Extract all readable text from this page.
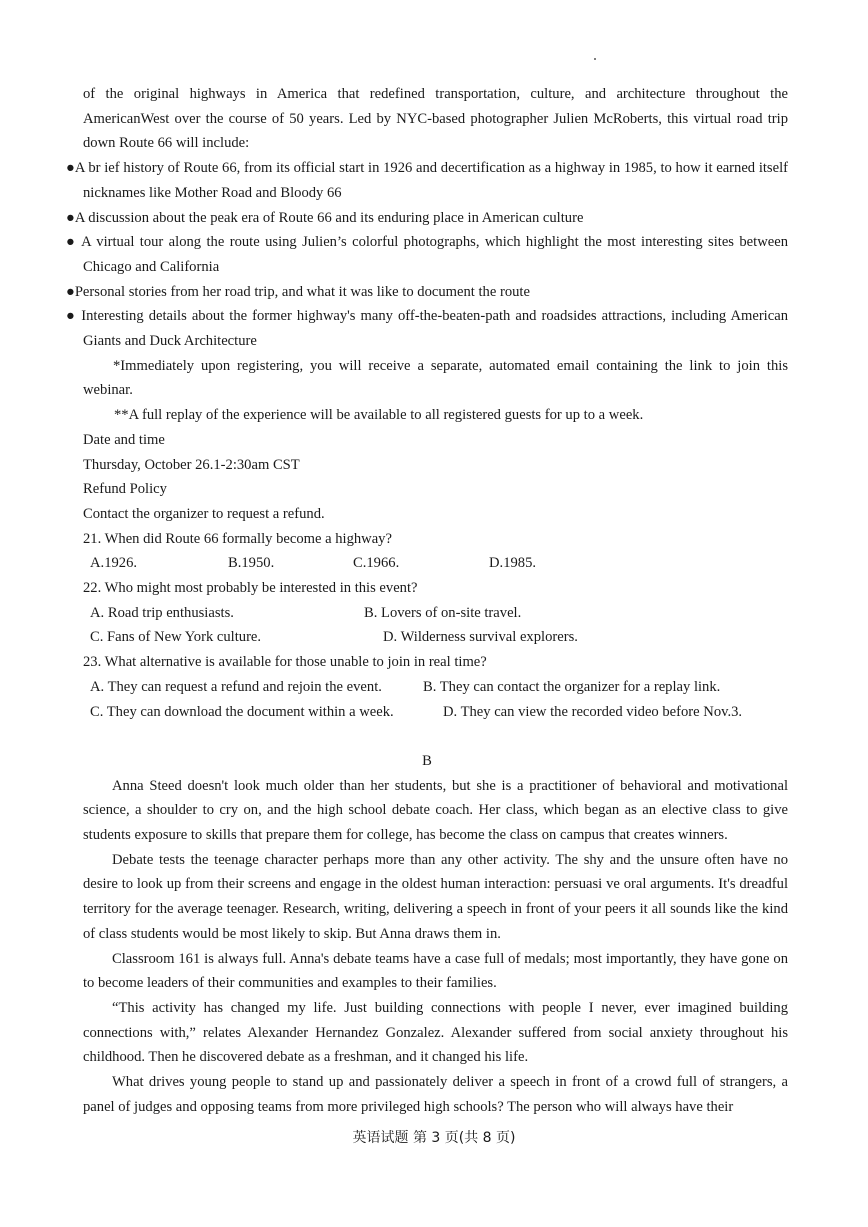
of the original highways in America that redefined transportation, culture, and architecture throughout the AmericanWest over the course of 50 years. Led by NYC-based photographer Julien McRoberts, this virtual road trip down Route 66 will include:

●A br ief history of Route 66, from its official start in 1926 and decertification as a highway in 1985, to how it earned itself nicknames like Mother Road and Bloody 66

●A discussion about the peak era of Route 66 and its enduring place in American culture

● A virtual tour along the route using Julien’s colorful photographs, which highlight the most interesting sites between Chicago and California

●Personal stories from her road trip, and what it was like to document the route

● Interesting details about the former highway's many off-the-beaten-path and roadsides attractions, including American Giants and Duck Architecture

*Immediately upon registering, you will receive a separate, automated email containing the link to join this webinar.

**A full replay of the experience will be available to all registered guests for up to a week.

Date and time

Thursday, October 26.1-2:30am CST

Refund Policy

Contact the organizer to request a refund.

21. When did Route 66 formally become a highway?

A.1926.	B.1950.	C.1966.	D.1985.

22. Who might most probably be interested in this event?

A. Road trip enthusiasts.	B. Lovers of on-site travel.
C. Fans of New York culture.	D. Wilderness survival explorers.

23. What alternative is available for those unable to join in real time?

A. They can request a refund and rejoin the event.	B. They can contact the organizer for a replay link.
C. They can download the document within a week.	D. They can view the recorded video before Nov.3.

B

Anna Steed doesn't look much older than her students, but she is a practitioner of behavioral and motivational science, a shoulder to cry on, and the high school debate coach. Her class, which began as an elective class to give students exposure to skills that prepare them for college, has become the class on campus that creates winners.

Debate tests the teenage character perhaps more than any other activity. The shy and the unsure often have no desire to look up from their screens and engage in the oldest human interaction: persuasi ve oral arguments. It's dreadful territory for the average teenager. Research, writing, delivering a speech in front of your peers it all sounds like the kind of class students would be most likely to skip. But Anna draws them in.

Classroom 161 is always full. Anna's debate teams have a case full of medals; most importantly, they have gone on to become leaders of their communities and examples to their families.

“This activity has changed my life. Just building connections with people I never, ever imagined building connections with,” relates Alexander Hernandez Gonzalez. Alexander suffered from social anxiety throughout his childhood. Then he discovered debate as a freshman, and it changed his life.

What drives young people to stand up and passionately deliver a speech in front of a crowd full of strangers, a panel of judges and opposing teams from more privileged high schools? The person who will always have their

英语试题 第 3 页(共 8 页)
